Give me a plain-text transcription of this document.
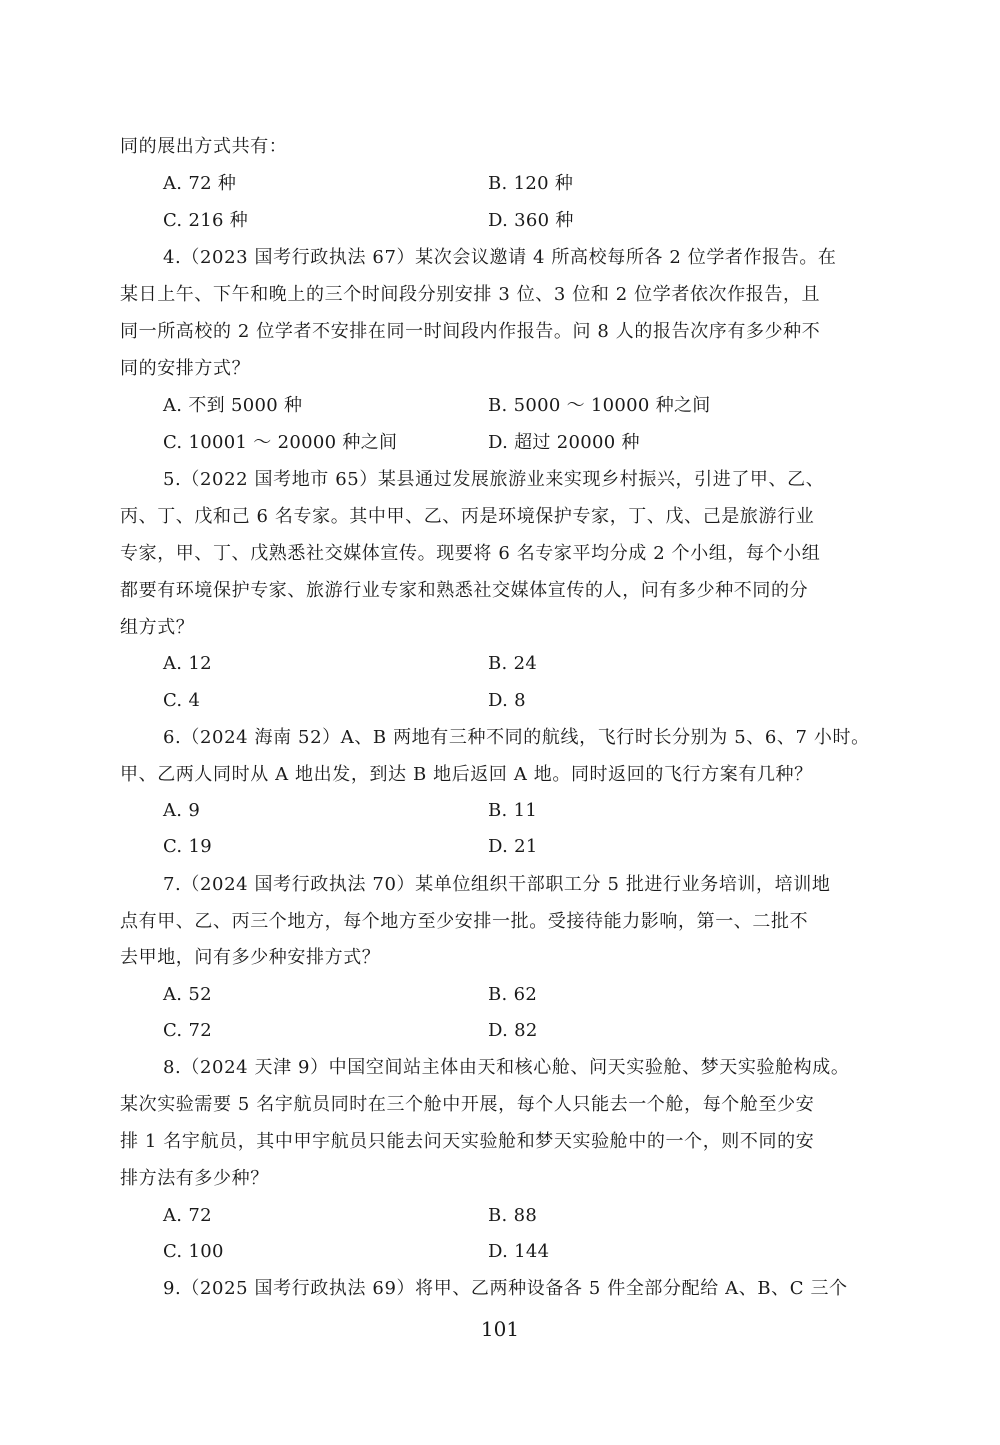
同的展出方式共有：
A. 72 种	B. 120 种
C. 216 种	D. 360 种
4.（2023 国考行政执法 67）某次会议邀请 4 所高校每所各 2 位学者作报告。在
某日上午、下午和晚上的三个时间段分别安排 3 位、3 位和 2 位学者依次作报告，且
同一所高校的 2 位学者不安排在同一时间段内作报告。问 8 人的报告次序有多少种不
同的安排方式？
A. 不到 5000 种	B. 5000 ～ 10000 种之间
C. 10001 ～ 20000 种之间	D. 超过 20000 种
5.（2022 国考地市 65）某县通过发展旅游业来实现乡村振兴，引进了甲、乙、
丙、丁、戊和己 6 名专家。其中甲、乙、丙是环境保护专家，丁、戊、己是旅游行业
专家，甲、丁、戊熟悉社交媒体宣传。现要将 6 名专家平均分成 2 个小组，每个小组
都要有环境保护专家、旅游行业专家和熟悉社交媒体宣传的人，问有多少种不同的分
组方式？
A. 12	B. 24
C. 4	D. 8
6.（2024 海南 52）A、B 两地有三种不同的航线，飞行时长分别为 5、6、7 小时。
甲、乙两人同时从 A 地出发，到达 B 地后返回 A 地。同时返回的飞行方案有几种？
A. 9	B. 11
C. 19	D. 21
7.（2024 国考行政执法 70）某单位组织干部职工分 5 批进行业务培训，培训地
点有甲、乙、丙三个地方，每个地方至少安排一批。受接待能力影响，第一、二批不
去甲地，问有多少种安排方式？
A. 52	B. 62
C. 72	D. 82
8.（2024 天津 9）中国空间站主体由天和核心舱、问天实验舱、梦天实验舱构成。
某次实验需要 5 名宇航员同时在三个舱中开展，每个人只能去一个舱，每个舱至少安
排 1 名宇航员，其中甲宇航员只能去问天实验舱和梦天实验舱中的一个，则不同的安
排方法有多少种？
A. 72	B. 88
C. 100	D. 144
9.（2025 国考行政执法 69）将甲、乙两种设备各 5 件全部分配给 A、B、C 三个
101
